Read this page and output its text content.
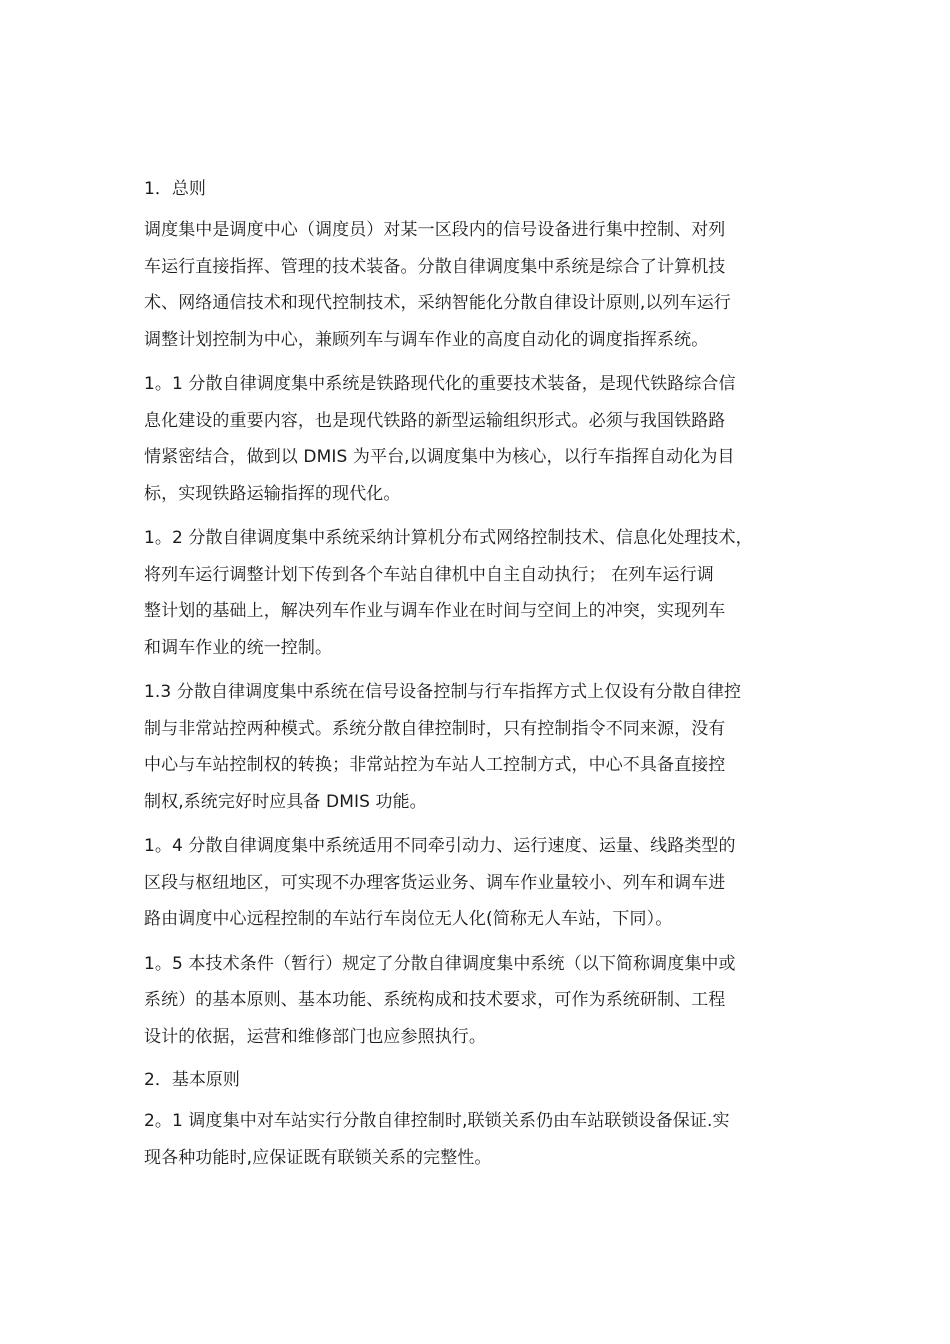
1．总则

调度集中是调度中心（调度员）对某一区段内的信号设备进行集中控制、对列
车运行直接指挥、管理的技术装备。分散自律调度集中系统是综合了计算机技
术、网络通信技术和现代控制技术，采纳智能化分散自律设计原则,以列车运行
调整计划控制为中心，兼顾列车与调车作业的高度自动化的调度指挥系统。

1。1 分散自律调度集中系统是铁路现代化的重要技术装备，是现代铁路综合信
息化建设的重要内容，也是现代铁路的新型运输组织形式。必须与我国铁路路
情紧密结合，做到以 DMIS 为平台,以调度集中为核心，以行车指挥自动化为目
标，实现铁路运输指挥的现代化。

1。2 分散自律调度集中系统采纳计算机分布式网络控制技术、信息化处理技术，
将列车运行调整计划下传到各个车站自律机中自主自动执行； 在列车运行调
整计划的基础上，解决列车作业与调车作业在时间与空间上的冲突，实现列车
和调车作业的统一控制。

1.3 分散自律调度集中系统在信号设备控制与行车指挥方式上仅设有分散自律控
制与非常站控两种模式。系统分散自律控制时，只有控制指令不同来源，没有
中心与车站控制权的转换；非常站控为车站人工控制方式，中心不具备直接控
制权,系统完好时应具备 DMIS 功能。

1。4 分散自律调度集中系统适用不同牵引动力、运行速度、运量、线路类型的
区段与枢纽地区，可实现不办理客货运业务、调车作业量较小、列车和调车进
路由调度中心远程控制的车站行车岗位无人化(简称无人车站，下同）。

1。5 本技术条件（暂行）规定了分散自律调度集中系统（以下简称调度集中或
系统）的基本原则、基本功能、系统构成和技术要求，可作为系统研制、工程
设计的依据，运营和维修部门也应参照执行。

2．基本原则

2。1 调度集中对车站实行分散自律控制时,联锁关系仍由车站联锁设备保证.实
现各种功能时,应保证既有联锁关系的完整性。
